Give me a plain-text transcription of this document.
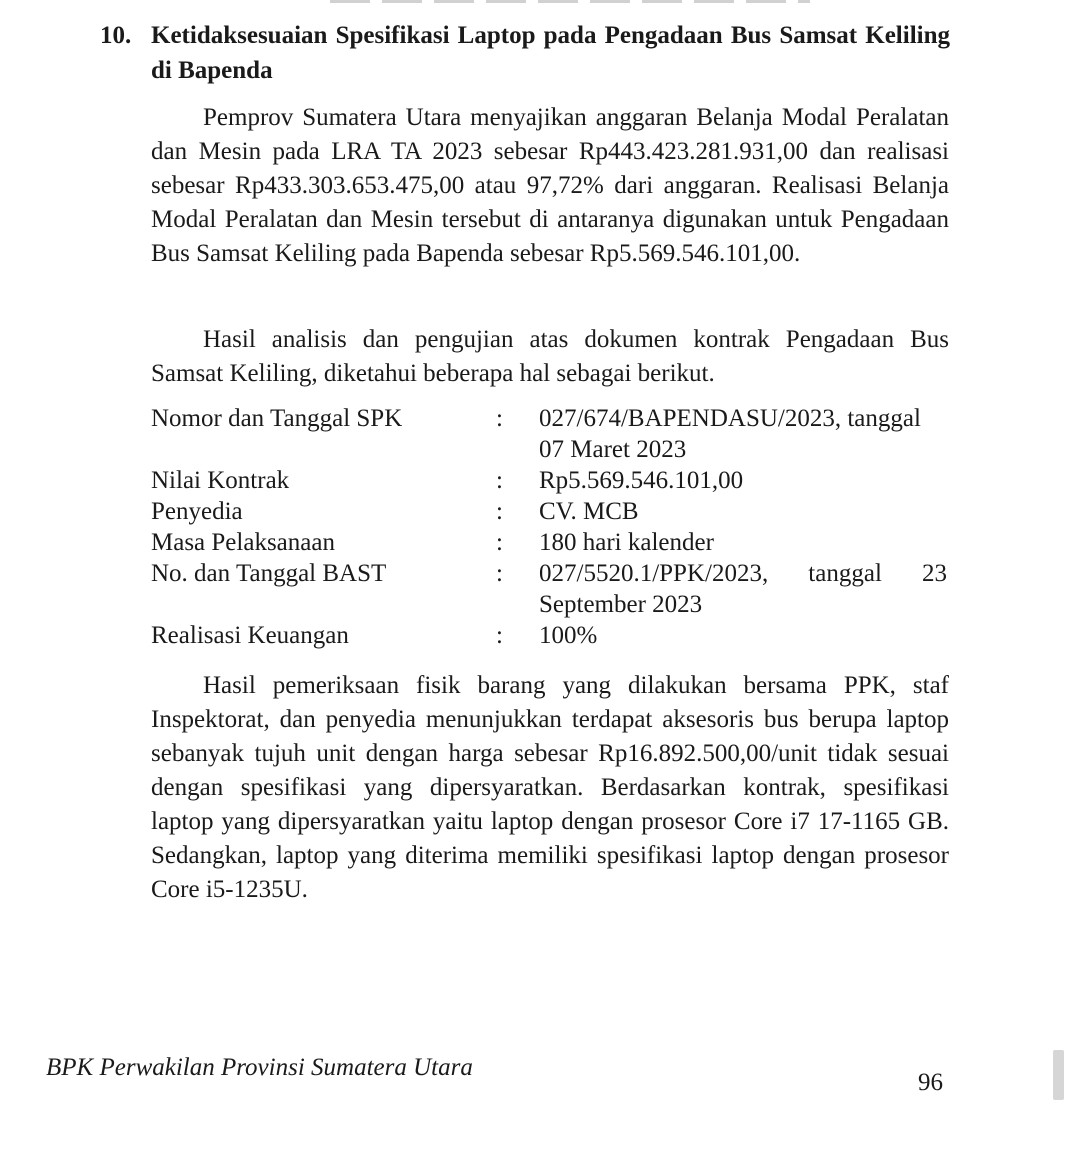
10. Ketidaksesuaian Spesifikasi Laptop pada Pengadaan Bus Samsat Keliling di Bapenda

Pemprov Sumatera Utara menyajikan anggaran Belanja Modal Peralatan dan Mesin pada LRA TA 2023 sebesar Rp443.423.281.931,00 dan realisasi sebesar Rp433.303.653.475,00 atau 97,72% dari anggaran. Realisasi Belanja Modal Peralatan dan Mesin tersebut di antaranya digunakan untuk Pengadaan Bus Samsat Keliling pada Bapenda sebesar Rp5.569.546.101,00.

Hasil analisis dan pengujian atas dokumen kontrak Pengadaan Bus Samsat Keliling, diketahui beberapa hal sebagai berikut.

Nomor dan Tanggal SPK	:	027/674/BAPENDASU/2023, tanggal 07 Maret 2023
Nilai Kontrak	:	Rp5.569.546.101,00
Penyedia	:	CV. MCB
Masa Pelaksanaan	:	180 hari kalender
No. dan Tanggal BAST	:	027/5520.1/PPK/2023, tanggal 23 September 2023
Realisasi Keuangan	:	100%

Hasil pemeriksaan fisik barang yang dilakukan bersama PPK, staf Inspektorat, dan penyedia menunjukkan terdapat aksesoris bus berupa laptop sebanyak tujuh unit dengan harga sebesar Rp16.892.500,00/unit tidak sesuai dengan spesifikasi yang dipersyaratkan. Berdasarkan kontrak, spesifikasi laptop yang dipersyaratkan yaitu laptop dengan prosesor Core i7 17-1165 GB. Sedangkan, laptop yang diterima memiliki spesifikasi laptop dengan prosesor Core i5-1235U.

BPK Perwakilan Provinsi Sumatera Utara
96
